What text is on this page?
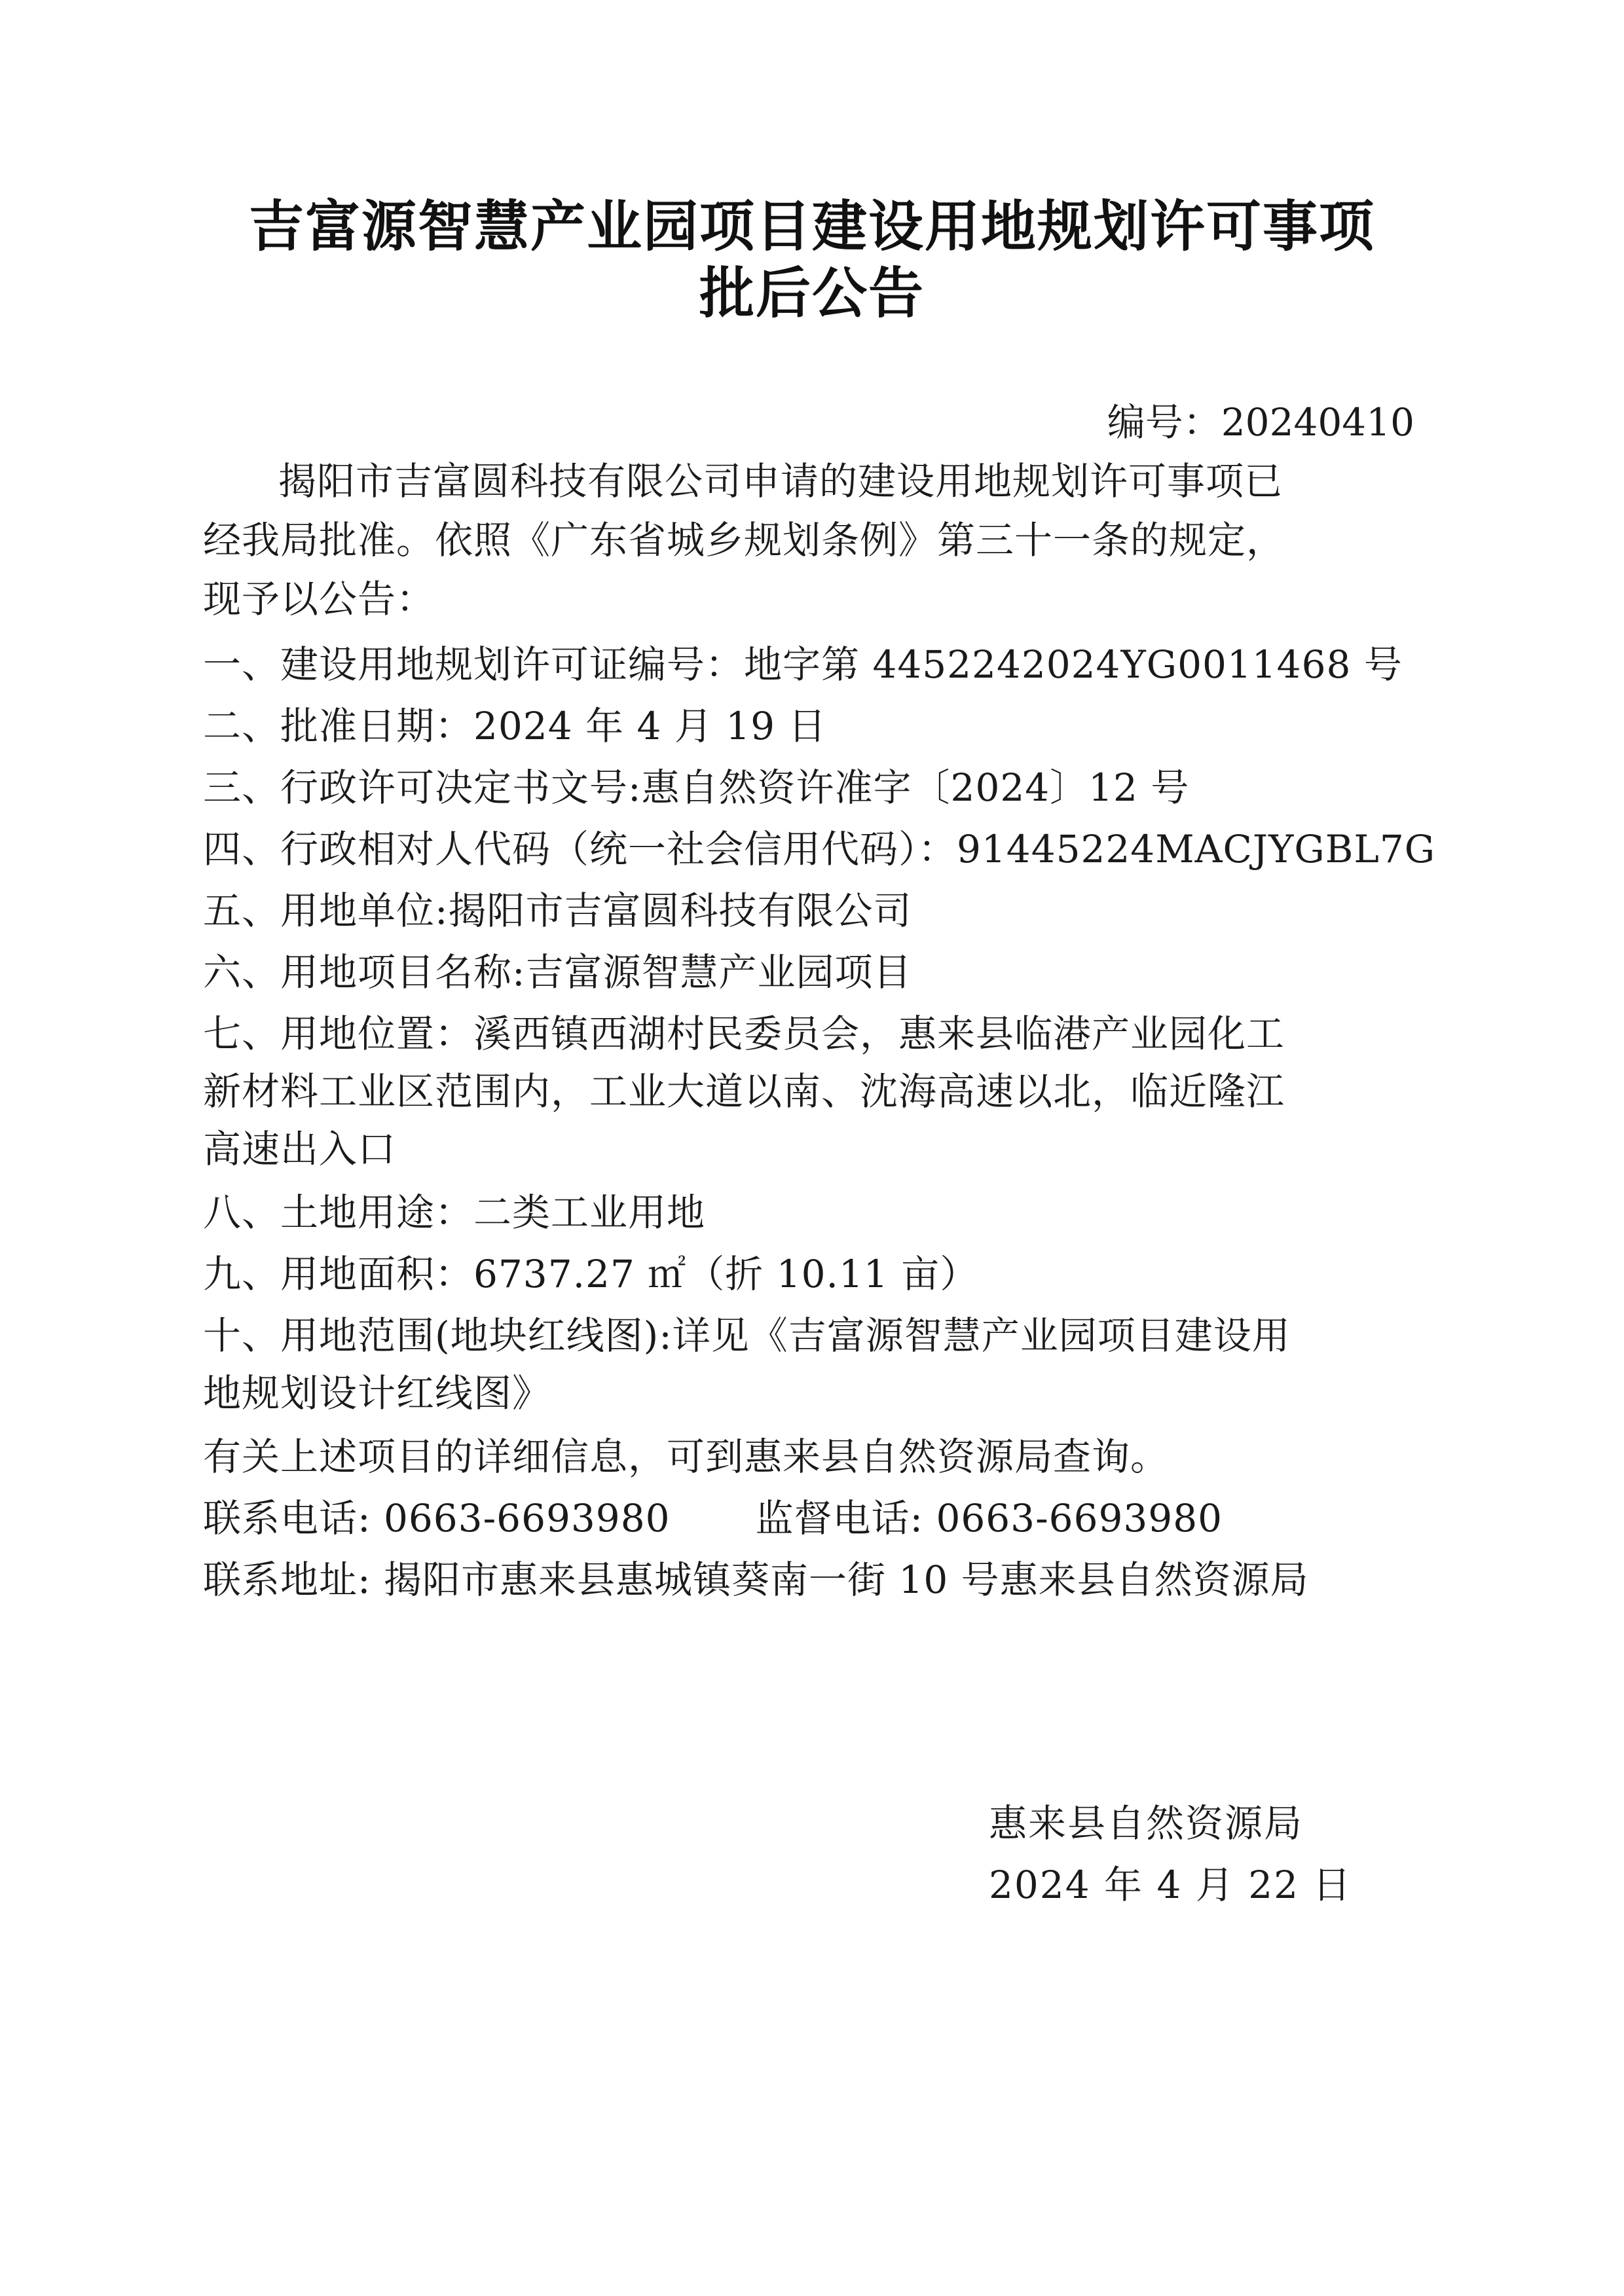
吉富源智慧产业园项目建设用地规划许可事项
批后公告
编号：20240410
揭阳市吉富圆科技有限公司申请的建设用地规划许可事项已
经我局批准。依照《广东省城乡规划条例》第三十一条的规定，
现予以公告：
一、建设用地规划许可证编号：地字第 4452242024YG0011468 号
二、批准日期：2024 年 4 月 19 日
三、行政许可决定书文号:惠自然资许准字〔2024〕12 号
四、行政相对人代码（统一社会信用代码）：91445224MACJYGBL7G
五、用地单位:揭阳市吉富圆科技有限公司
六、用地项目名称:吉富源智慧产业园项目
七、用地位置：溪西镇西湖村民委员会，惠来县临港产业园化工
新材料工业区范围内，工业大道以南、沈海高速以北，临近隆江
高速出入口
八、土地用途：二类工业用地
九、用地面积：6737.27 ㎡（折 10.11 亩）
十、用地范围(地块红线图):详见《吉富源智慧产业园项目建设用
地规划设计红线图》
有关上述项目的详细信息，可到惠来县自然资源局查询。
联系电话: 0663-6693980 监督电话: 0663-6693980
联系地址: 揭阳市惠来县惠城镇葵南一街 10 号惠来县自然资源局
惠来县自然资源局
2024 年 4 月 22 日
